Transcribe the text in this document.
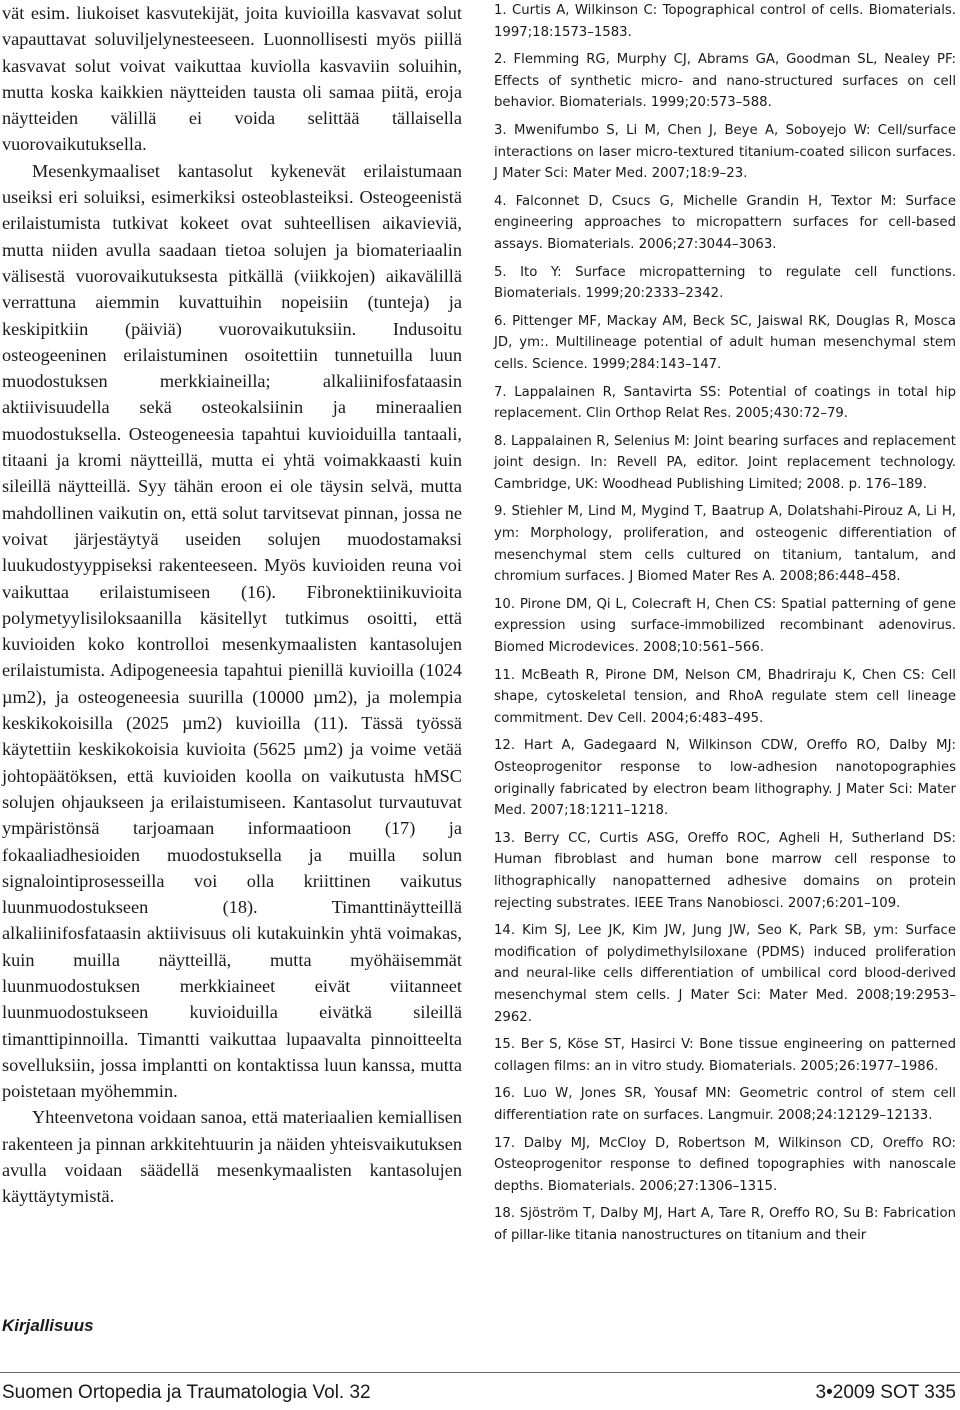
vät esim. liukoiset kasvutekijät, joita kuvioilla kasvavat solut vapauttavat soluviljelynesteeseen. Luonnollisesti myös piillä kasvavat solut voivat vaikuttaa kuviolla kasvaviin soluihin, mutta koska kaikkien näytteiden tausta oli samaa piitä, eroja näytteiden välillä ei voida selittää tällaisella vuorovaikutuksella.

Mesenkymaaliset kantasolut kykenevät erilaistumaan useiksi eri soluiksi, esimerkiksi osteoblasteiksi. Osteogeenistä erilaistumista tutkivat kokeet ovat suhteellisen aikavieviä, mutta niiden avulla saadaan tietoa solujen ja biomateriaalin välisestä vuorovaikutuksesta pitkällä (viikkojen) aikavälillä verrattuna aiemmin kuvattuihin nopeisiin (tunteja) ja keskipitkiin (päiviä) vuorovaikutuksiin. Indusoitu osteogeeninen erilaistuminen osoitettiin tunnetuilla luun muodostuksen merkkiaineilla; alkaliinifosfataasin aktiivisuudella sekä osteokalsiinin ja mineraalien muodostuksella. Osteogeneesia tapahtui kuvioiduilla tantaali, titaani ja kromi näytteillä, mutta ei yhtä voimakkaasti kuin sileillä näytteillä. Syy tähän eroon ei ole täysin selvä, mutta mahdollinen vaikutin on, että solut tarvitsevat pinnan, jossa ne voivat järjestäytyä useiden solujen muodostamaksi luukudostyyppiseksi rakenteeseen. Myös kuvioiden reuna voi vaikuttaa erilaistumiseen (16). Fibronektiinikuvioita polymetyylisiloksaanilla käsitellyt tutkimus osoitti, että kuvioiden koko kontrolloi mesenkymaalisten kantasolujen erilaistumista. Adipogeneesia tapahtui pienillä kuvioilla (1024 µm2), ja osteogeneesia suurilla (10000 µm2), ja molempia keskikokoisilla (2025 µm2) kuvioilla (11). Tässä työssä käytettiin keskikokoisia kuvioita (5625 µm2) ja voime vetää johtopäätöksen, että kuvioiden koolla on vaikutusta hMSC solujen ohjaukseen ja erilaistumiseen. Kantasolut turvautuvat ympäristönsä tarjoamaan informaatioon (17) ja fokaaliadhesioiden muodostuksella ja muilla solun signalointiprosesseilla voi olla kriittinen vaikutus luunmuodostukseen (18). Timanttinäytteillä alkaliinifosfataasin aktiivisuus oli kutakuinkin yhtä voimakas, kuin muilla näytteillä, mutta myöhäisemmät luunmuodostuksen merkkiaineet eivät viitanneet luunmuodostukseen kuvioiduilla eivätkä sileillä timanttipinnoilla. Timantti vaikuttaa lupaavalta pinnoitteelta sovelluksiin, jossa implantti on kontaktissa luun kanssa, mutta poistetaan myöhemmin.

Yhteenvetona voidaan sanoa, että materiaalien kemiallisen rakenteen ja pinnan arkkitehtuurin ja näiden yhteisvaikutuksen avulla voidaan säädellä mesenkymaalisten kantasolujen käyttäytymistä.

Kirjallisuus
1. Curtis A, Wilkinson C: Topographical control of cells. Biomaterials. 1997;18:1573–1583.
2. Flemming RG, Murphy CJ, Abrams GA, Goodman SL, Nealey PF: Effects of synthetic micro- and nano-structured surfaces on cell behavior. Biomaterials. 1999;20:573–588.
3. Mwenifumbo S, Li M, Chen J, Beye A, Soboyejo W: Cell/surface interactions on laser micro-textured titanium-coated silicon surfaces. J Mater Sci: Mater Med. 2007;18:9–23.
4. Falconnet D, Csucs G, Michelle Grandin H, Textor M: Surface engineering approaches to micropattern surfaces for cell-based assays. Biomaterials. 2006;27:3044–3063.
5. Ito Y: Surface micropatterning to regulate cell functions. Biomaterials. 1999;20:2333–2342.
6. Pittenger MF, Mackay AM, Beck SC, Jaiswal RK, Douglas R, Mosca JD, ym:. Multilineage potential of adult human mesenchymal stem cells. Science. 1999;284:143–147.
7. Lappalainen R, Santavirta SS: Potential of coatings in total hip replacement. Clin Orthop Relat Res. 2005;430:72–79.
8. Lappalainen R, Selenius M: Joint bearing surfaces and replacement joint design. In: Revell PA, editor. Joint replacement technology. Cambridge, UK: Woodhead Publishing Limited; 2008. p. 176–189.
9. Stiehler M, Lind M, Mygind T, Baatrup A, Dolatshahi-Pirouz A, Li H, ym: Morphology, proliferation, and osteogenic differentiation of mesenchymal stem cells cultured on titanium, tantalum, and chromium surfaces. J Biomed Mater Res A. 2008;86:448–458.
10. Pirone DM, Qi L, Colecraft H, Chen CS: Spatial patterning of gene expression using surface-immobilized recombinant adenovirus. Biomed Microdevices. 2008;10:561–566.
11. McBeath R, Pirone DM, Nelson CM, Bhadriraju K, Chen CS: Cell shape, cytoskeletal tension, and RhoA regulate stem cell lineage commitment. Dev Cell. 2004;6:483–495.
12. Hart A, Gadegaard N, Wilkinson CDW, Oreffo RO, Dalby MJ: Osteoprogenitor response to low-adhesion nanotopographies originally fabricated by electron beam lithography. J Mater Sci: Mater Med. 2007;18:1211–1218.
13. Berry CC, Curtis ASG, Oreffo ROC, Agheli H, Sutherland DS: Human fibroblast and human bone marrow cell response to lithographically nanopatterned adhesive domains on protein rejecting substrates. IEEE Trans Nanobiosci. 2007;6:201–109.
14. Kim SJ, Lee JK, Kim JW, Jung JW, Seo K, Park SB, ym: Surface modification of polydimethylsiloxane (PDMS) induced proliferation and neural-like cells differentiation of umbilical cord blood-derived mesenchymal stem cells. J Mater Sci: Mater Med. 2008;19:2953–2962.
15. Ber S, Köse ST, Hasirci V: Bone tissue engineering on patterned collagen films: an in vitro study. Biomaterials. 2005;26:1977–1986.
16. Luo W, Jones SR, Yousaf MN: Geometric control of stem cell differentiation rate on surfaces. Langmuir. 2008;24:12129–12133.
17. Dalby MJ, McCloy D, Robertson M, Wilkinson CD, Oreffo RO: Osteoprogenitor response to defined topographies with nanoscale depths. Biomaterials. 2006;27:1306–1315.
18. Sjöström T, Dalby MJ, Hart A, Tare R, Oreffo RO, Su B: Fabrication of pillar-like titania nanostructures on titanium and their
Suomen Ortopedia ja Traumatologia Vol. 32	3•2009 SOT 335
